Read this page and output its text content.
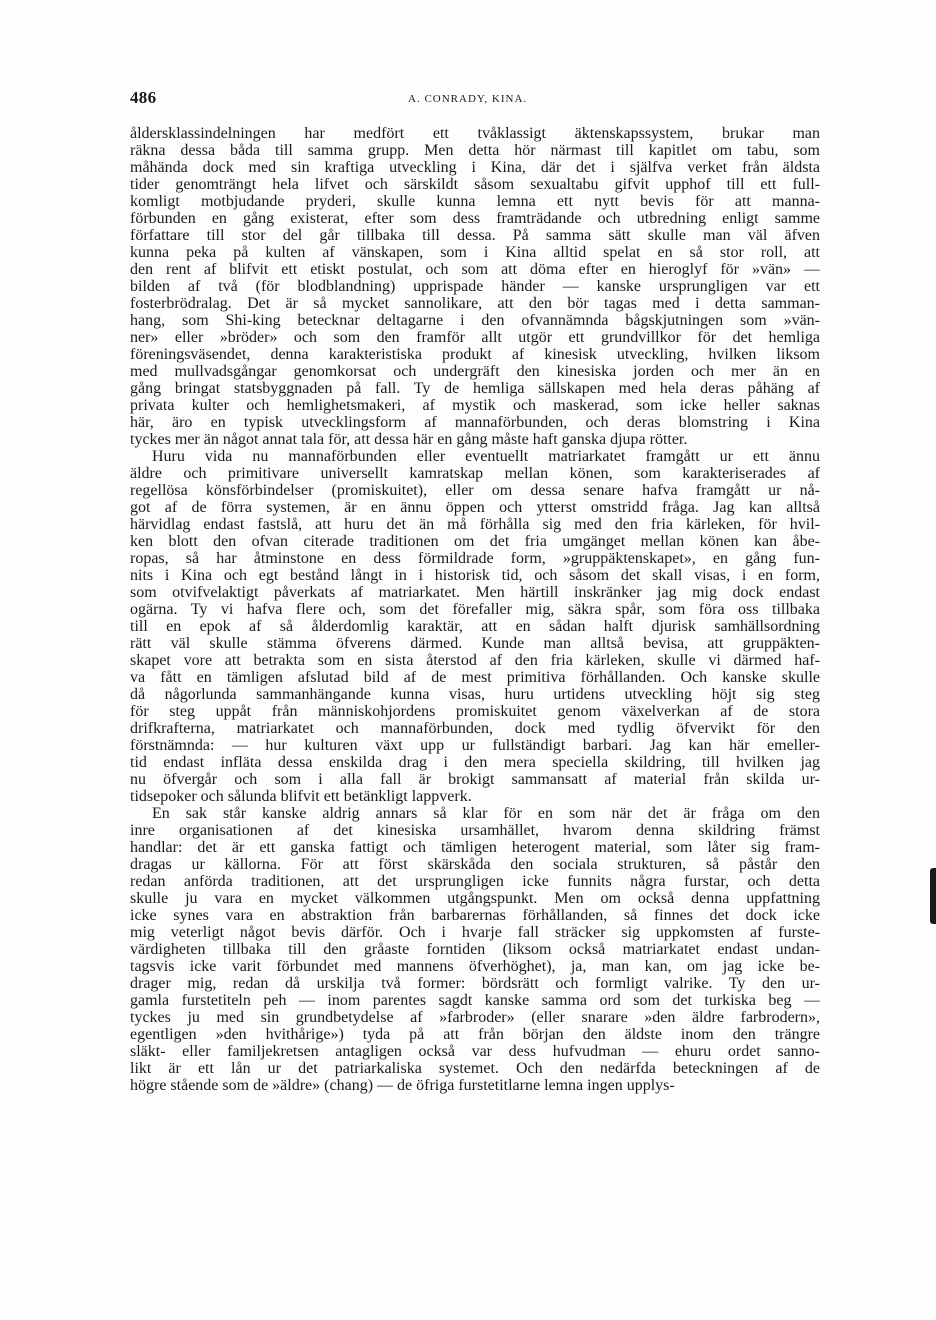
486	A. CONRADY, KINA.
åldersklassindelningen har medfört ett tvåklassigt äktenskapssystem, brukar man
räkna dessa båda till samma grupp. Men detta hör närmast till kapitlet om tabu, som
måhända dock med sin kraftiga utveckling i Kina, där det i själfva verket från äldsta
tider genomträngt hela lifvet och särskildt såsom sexualtabu gifvit upphof till ett full-
komligt motbjudande pryderi, skulle kunna lemna ett nytt bevis för att manna-
förbunden en gång existerat, efter som dess framträdande och utbredning enligt samme
författare till stor del går tillbaka till dessa. På samma sätt skulle man väl äfven
kunna peka på kulten af vänskapen, som i Kina alltid spelat en så stor roll, att
den rent af blifvit ett etiskt postulat, och som att döma efter en hieroglyf för »vän» —
bilden af två (för blodblandning) upprispade händer — kanske ursprungligen var ett
fosterbrödralag. Det är så mycket sannolikare, att den bör tagas med i detta samman-
hang, som Shi-king betecknar deltagarne i den ofvannämnda bågskjutningen som »vän-
ner» eller »bröder» och som den framför allt utgör ett grundvillkor för det hemliga
föreningsväsendet, denna karakteristiska produkt af kinesisk utveckling, hvilken liksom
med mullvadsgångar genomkorsat och undergräft den kinesiska jorden och mer än en
gång bringat statsbyggnaden på fall. Ty de hemliga sällskapen med hela deras påhäng af
privata kulter och hemlighetsmakeri, af mystik och maskerad, som icke heller saknas
här, äro en typisk utvecklingsform af mannaförbunden, och deras blomstring i Kina
tyckes mer än något annat tala för, att dessa här en gång måste haft ganska djupa rötter.
Huru vida nu mannaförbunden eller eventuellt matriarkatet framgått ur ett ännu
äldre och primitivare universellt kamratskap mellan könen, som karakteriserades af
regellösa könsförbindelser (promiskuitet), eller om dessa senare hafva framgått ur nå-
got af de förra systemen, är en ännu öppen och ytterst omstridd fråga. Jag kan alltså
härvidlag endast fastslå, att huru det än må förhålla sig med den fria kärleken, för hvil-
ken blott den ofvan citerade traditionen om det fria umgänget mellan könen kan åbe-
ropas, så har åtminstone en dess förmildrade form, »gruppäktenskapet», en gång fun-
nits i Kina och egt bestånd långt in i historisk tid, och såsom det skall visas, i en form,
som otvifvelaktigt påverkats af matriarkatet. Men härtill inskränker jag mig dock endast
ogärna. Ty vi hafva flere och, som det förefaller mig, säkra spår, som föra oss tillbaka
till en epok af så ålderdomlig karaktär, att en sådan halft djurisk samhällsordning
rätt väl skulle stämma öfverens därmed. Kunde man alltså bevisa, att gruppäkten-
skapet vore att betrakta som en sista återstod af den fria kärleken, skulle vi därmed haf-
va fått en tämligen afslutad bild af de mest primitiva förhållanden. Och kanske skulle
då någorlunda sammanhängande kunna visas, huru urtidens utveckling höjt sig steg
för steg uppåt från människohjordens promiskuitet genom växelverkan af de stora
drifkrafterna, matriarkatet och mannaförbunden, dock med tydlig öfvervikt för den
förstnämnda: — hur kulturen växt upp ur fullständigt barbari. Jag kan här emeller-
tid endast infläta dessa enskilda drag i den mera speciella skildring, till hvilken jag
nu öfvergår och som i alla fall är brokigt sammansatt af material från skilda ur-
tidsepoker och sålunda blifvit ett betänkligt lappverk.
En sak står kanske aldrig annars så klar för en som när det är fråga om den
inre organisationen af det kinesiska ursamhället, hvarom denna skildring främst
handlar: det är ett ganska fattigt och tämligen heterogent material, som låter sig fram-
dragas ur källorna. För att först skärskåda den sociala strukturen, så påstår den
redan anförda traditionen, att det ursprungligen icke funnits några furstar, och detta
skulle ju vara en mycket välkommen utgångspunkt. Men om också denna uppfattning
icke synes vara en abstraktion från barbarernas förhållanden, så finnes det dock icke
mig veterligt något bevis därför. Och i hvarje fall sträcker sig uppkomsten af furste-
värdigheten tillbaka till den gråaste forntiden (liksom också matriarkatet endast undan-
tagsvis icke varit förbundet med mannens öfverhöghet), ja, man kan, om jag icke be-
drager mig, redan då urskilja två former: bördsrätt och formligt valrike. Ty den ur-
gamla furstetiteln peh — inom parentes sagdt kanske samma ord som det turkiska beg —
tyckes ju med sin grundbetydelse af »farbroder» (eller snarare »den äldre farbrodern»,
egentligen »den hvithårige») tyda på att från början den äldste inom den trängre
släkt- eller familjekretsen antagligen också var dess hufvudman — ehuru ordet sanno-
likt är ett lån ur det patriarkaliska systemet. Och den nedärfda beteckningen af de
högre stående som de »äldre» (chang) — de öfriga furstetitlarne lemna ingen upplys-
